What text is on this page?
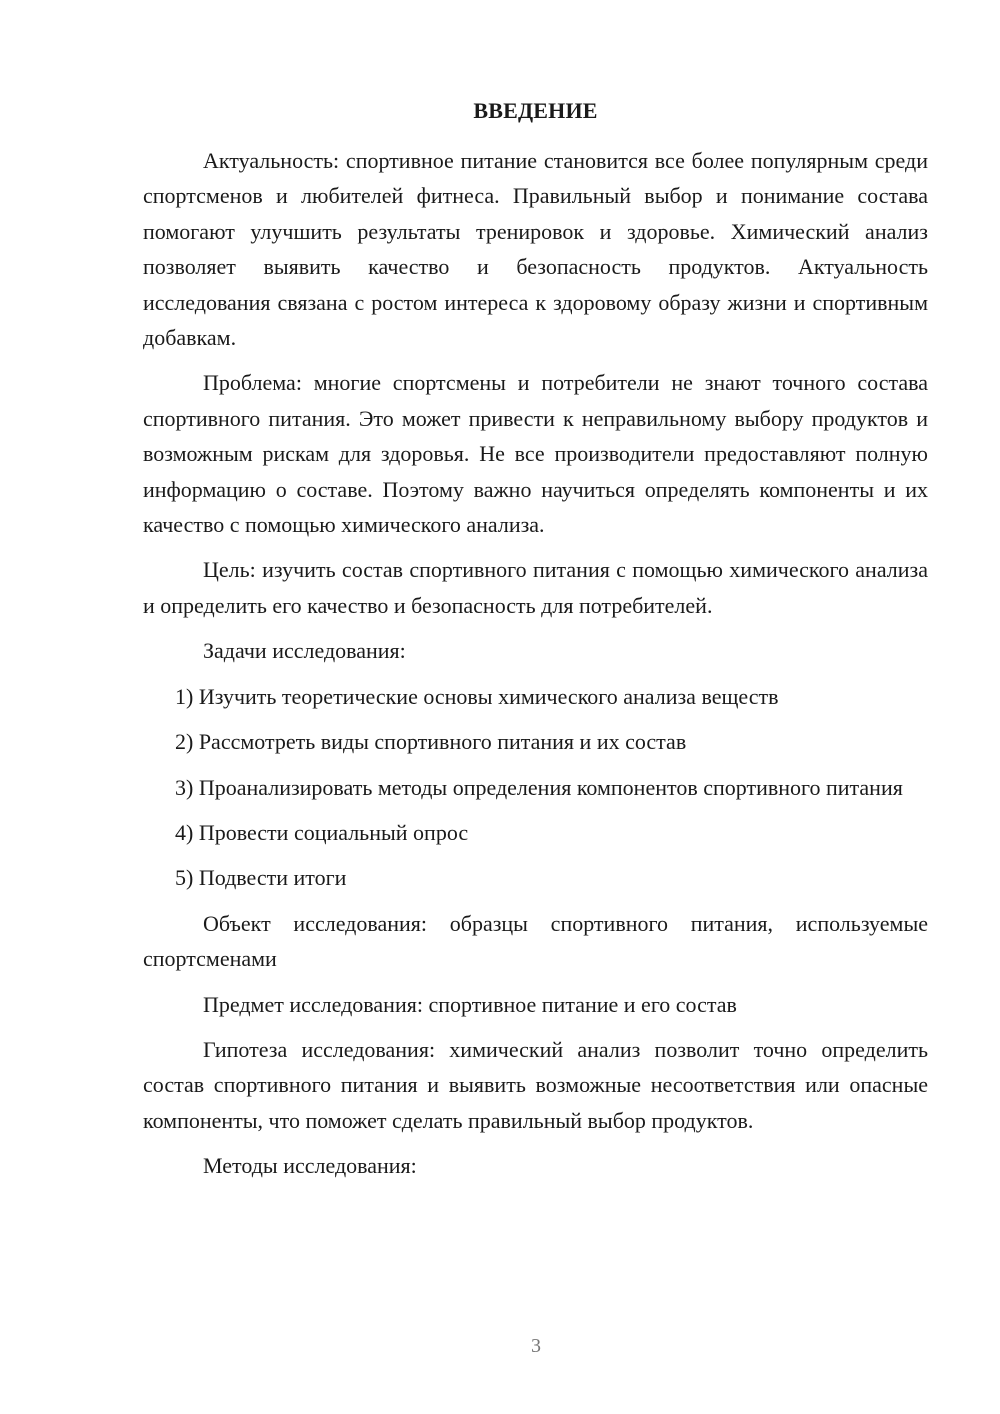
ВВЕДЕНИЕ

Актуальность: спортивное питание становится все более популярным среди спортсменов и любителей фитнеса. Правильный выбор и понимание состава помогают улучшить результаты тренировок и здоровье. Химический анализ позволяет выявить качество и безопасность продуктов. Актуальность исследования связана с ростом интереса к здоровому образу жизни и спортивным добавкам.

Проблема: многие спортсмены и потребители не знают точного состава спортивного питания. Это может привести к неправильному выбору продуктов и возможным рискам для здоровья. Не все производители предоставляют полную информацию о составе. Поэтому важно научиться определять компоненты и их качество с помощью химического анализа.

Цель: изучить состав спортивного питания с помощью химического анализа и определить его качество и безопасность для потребителей.

Задачи исследования:

1) Изучить теоретические основы химического анализа веществ

2) Рассмотреть виды спортивного питания и их состав

3) Проанализировать методы определения компонентов спортивного питания

4) Провести социальный опрос

5) Подвести итоги

Объект исследования: образцы спортивного питания, используемые спортсменами

Предмет исследования: спортивное питание и его состав

Гипотеза исследования: химический анализ позволит точно определить состав спортивного питания и выявить возможные несоответствия или опасные компоненты, что поможет сделать правильный выбор продуктов.

Методы исследования:

3
